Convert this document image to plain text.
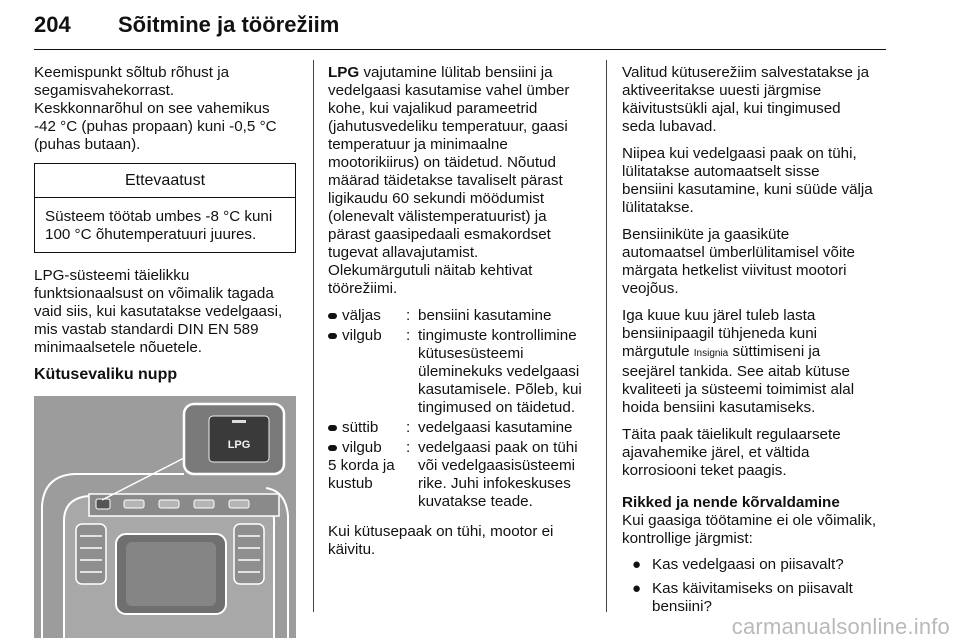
204 Sõitmine ja töörežiim

Keemispunkt sõltub rõhust ja
segamisvahekorrast.
Keskkonnarõhul on see vahemikus
-42 °C (puhas propaan) kuni -0,5 °C
(puhas butaan).

Ettevaatust
Süsteem töötab umbes -8 °C kuni
100 °C õhutemperatuuri juures.

LPG-süsteemi täielikku
funktsionaalsust on võimalik tagada
vaid siis, kui kasutatakse vedelgaasi,
mis vastab standardi DIN EN 589
minimaalsetele nõuetele.

Kütusevaliku nupp
LPG

LPG vajutamine lülitab bensiini ja
vedelgaasi kasutamise vahel ümber
kohe, kui vajalikud parameetrid
(jahutusvedeliku temperatuur, gaasi
temperatuur ja minimaalne
mootorikiirus) on täidetud. Nõutud
määrad täidetakse tavaliselt pärast
ligikaudu 60 sekundi möödumist
(olenevalt välistemperatuurist) ja
pärast gaasipedaali esmakordset
tugevat allavajutamist.
Olekumärgutuli näitab kehtivat
töörežiimi.

väljas : bensiini kasutamine
vilgub : tingimuste kontrollimine
kütusesüsteemi
üleminekuks vedelgaasi
kasutamisele. Põleb, kui
tingimused on täidetud.
süttib : vedelgaasi kasutamine
vilgub
5 korda ja kustub
: vedelgaasi paak on tühi
või vedelgaasisüsteemi
rike. Juhi infokeskuses
kuvatakse teade.

Kui kütusepaak on tühi, mootor ei
käivitu.

Valitud kütuserežiim salvestatakse ja
aktiveeritakse uuesti järgmise
käivitustsükli ajal, kui tingimused
seda lubavad.

Niipea kui vedelgaasi paak on tühi,
lülitatakse automaatselt sisse
bensiini kasutamine, kuni süüde välja
lülitatakse.

Bensiiniküte ja gaasiküte
automaatsel ümberlülitamisel võite
märgata hetkelist viivitust mootori
veojõus.

Iga kuue kuu järel tuleb lasta
bensiinipaagil tühjeneda kuni
märgutule Insignia süttimiseni ja
seejärel tankida. See aitab kütuse
kvaliteeti ja süsteemi toimimist alal
hoida bensiini kasutamiseks.

Täita paak täielikult regulaarsete
ajavahemike järel, et vältida
korrosiooni teket paagis.

Rikked ja nende kõrvaldamine
Kui gaasiga töötamine ei ole võimalik,
kontrollige järgmist:
● Kas vedelgaasi on piisavalt?
● Kas käivitamiseks on piisavalt
bensiini?
carmanualsonline.info
